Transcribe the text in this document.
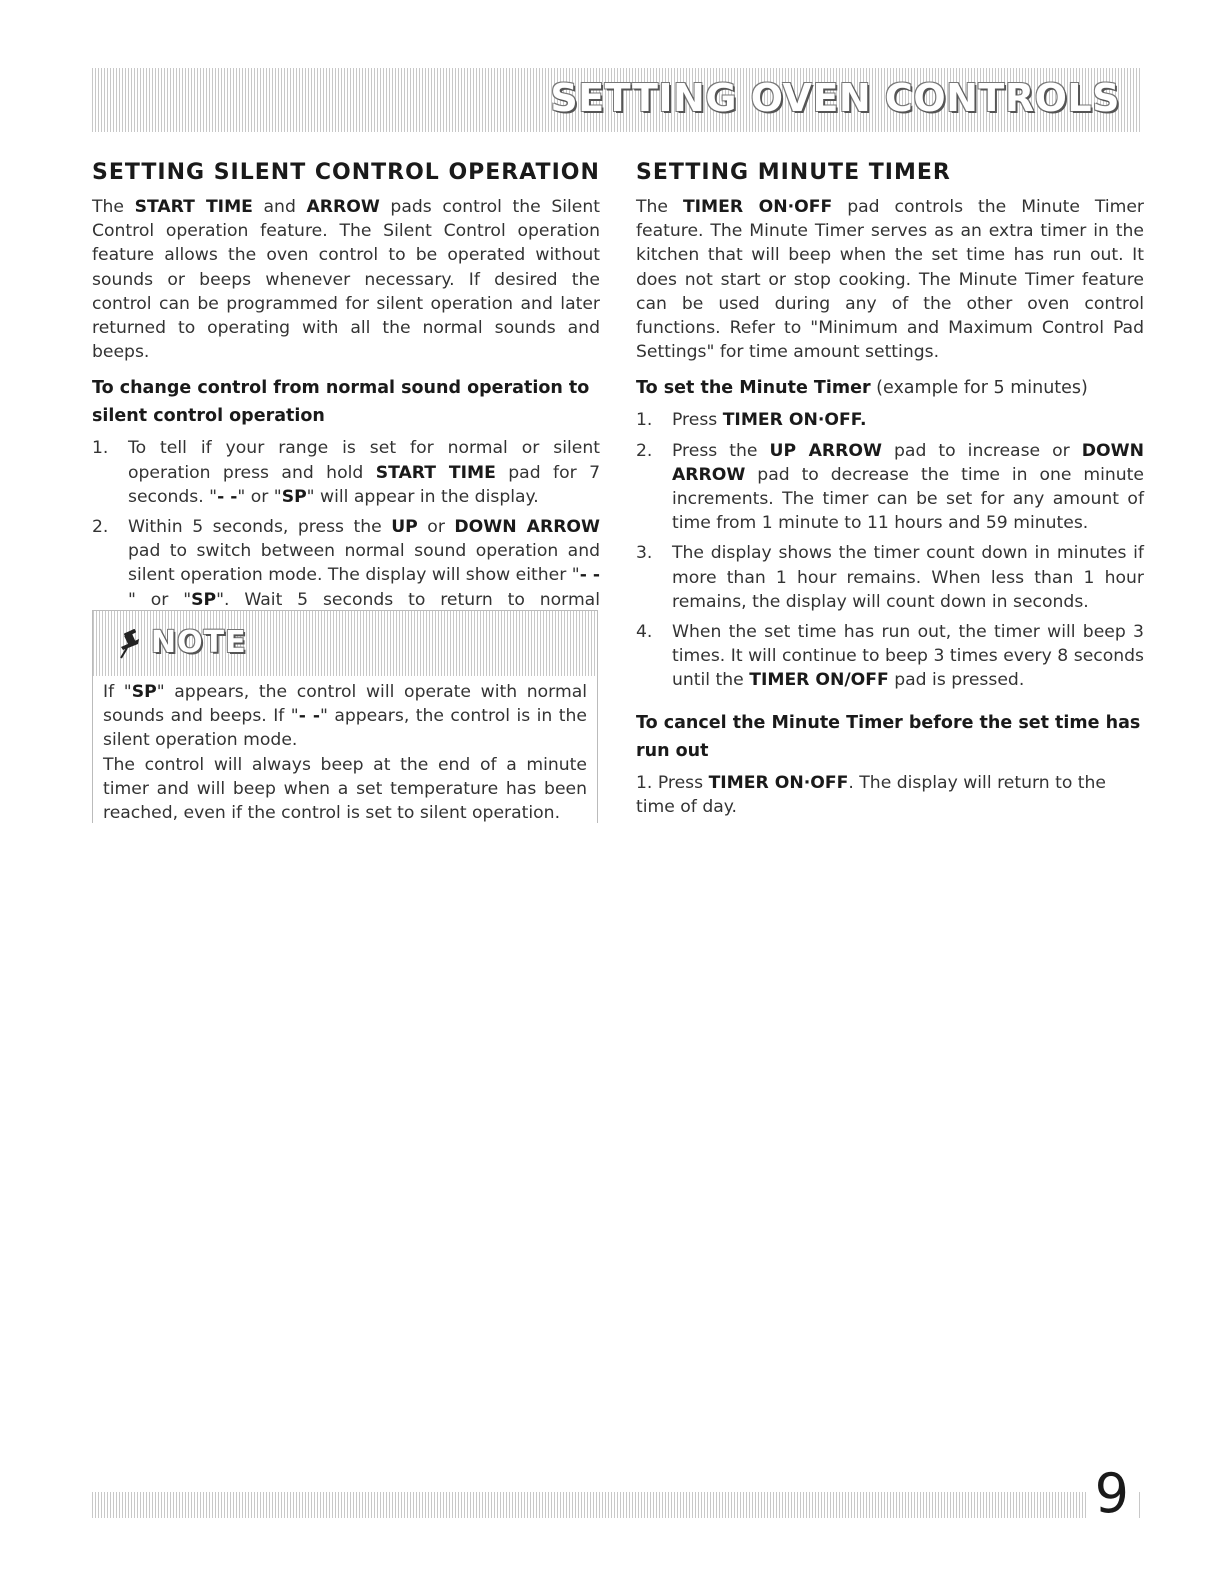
SETTING OVEN CONTROLS
SETTING SILENT CONTROL OPERATION

The START TIME and ARROW pads control the Silent Control operation feature. The Silent Control operation feature allows the oven control to be operated without sounds or beeps whenever necessary. If desired the control can be programmed for silent operation and later returned to operating with all the normal sounds and beeps.

To change control from normal sound operation to silent control operation
1.	To tell if your range is set for normal or silent operation press and hold START TIME pad for 7 seconds. "- -" or "SP" will appear in the display.
2.	Within 5 seconds, press the UP or DOWN ARROW pad to switch between normal sound operation and silent operation mode. The display will show either "- -" or "SP". Wait 5 seconds to return to normal
NOTE

If "SP" appears, the control will operate with normal sounds and beeps. If "- -" appears, the control is in the silent operation mode.

The control will always beep at the end of a minute timer and will beep when a set temperature has been reached, even if the control is set to silent operation.

SETTING MINUTE TIMER

The TIMER ON·OFF pad controls the Minute Timer feature. The Minute Timer serves as an extra timer in the kitchen that will beep when the set time has run out. It does not start or stop cooking. The Minute Timer feature can be used during any of the other oven control functions. Refer to "Minimum and Maximum Control Pad Settings" for time amount settings.

To set the Minute Timer (example for 5 minutes)
1.	Press TIMER ON·OFF.
2.	Press the UP ARROW pad to increase or DOWN ARROW pad to decrease the time in one minute increments. The timer can be set for any amount of time from 1 minute to 11 hours and 59 minutes.
3.	The display shows the timer count down in minutes if more than 1 hour remains. When less than 1 hour remains, the display will count down in seconds.
4.	When the set time has run out, the timer will beep 3 times. It will continue to beep 3 times every 8 seconds until the TIMER ON/OFF pad is pressed.
To cancel the Minute Timer before the set time has run out

1. Press TIMER ON·OFF. The display will return to the time of day.

9
